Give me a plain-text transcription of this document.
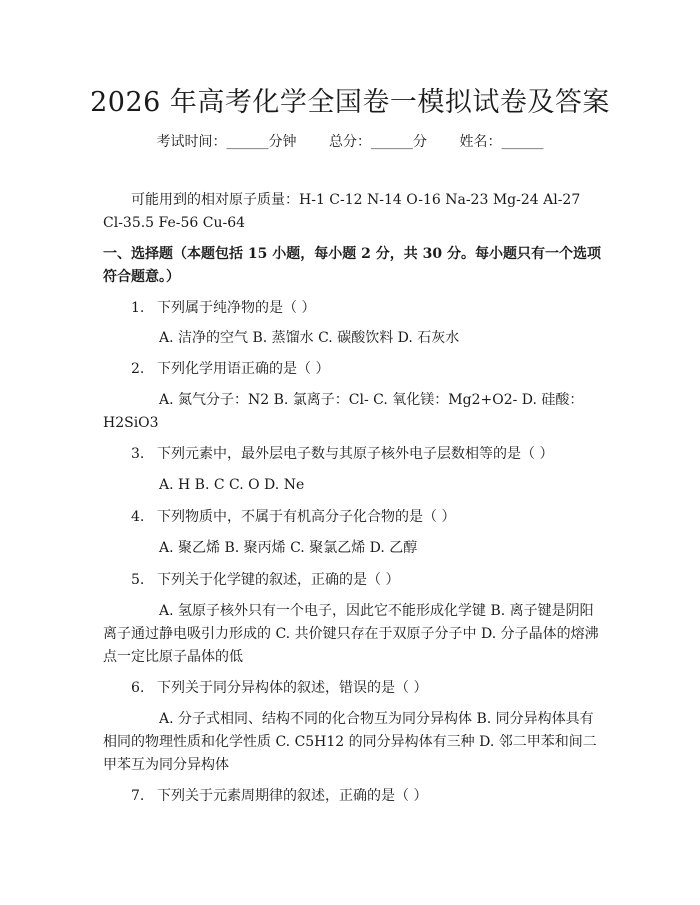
2026 年高考化学全国卷一模拟试卷及答案
考试时间：______分钟 总分：______分 姓名：______
可能用到的相对原子质量：H-1 C-12 N-14 O-16 Na-23 Mg-24 Al-27 Cl-35.5 Fe-56 Cu-64
一、选择题（本题包括 15 小题，每小题 2 分，共 30 分。每小题只有一个选项符合题意。）
1. 下列属于纯净物的是（ ）
A. 洁净的空气 B. 蒸馏水 C. 碳酸饮料 D. 石灰水
2. 下列化学用语正确的是（ ）
A. 氮气分子：N2 B. 氯离子：Cl- C. 氧化镁：Mg2+O2- D. 硅酸：H2SiO3
3. 下列元素中，最外层电子数与其原子核外电子层数相等的是（ ）
A. H B. C C. O D. Ne
4. 下列物质中，不属于有机高分子化合物的是（ ）
A. 聚乙烯 B. 聚丙烯 C. 聚氯乙烯 D. 乙醇
5. 下列关于化学键的叙述，正确的是（ ）
A. 氢原子核外只有一个电子，因此它不能形成化学键 B. 离子键是阴阳离子通过静电吸引力形成的 C. 共价键只存在于双原子分子中 D. 分子晶体的熔沸点一定比原子晶体的低
6. 下列关于同分异构体的叙述，错误的是（ ）
A. 分子式相同、结构不同的化合物互为同分异构体 B. 同分异构体具有相同的物理性质和化学性质 C. C5H12 的同分异构体有三种 D. 邻二甲苯和间二甲苯互为同分异构体
7. 下列关于元素周期律的叙述，正确的是（ ）
